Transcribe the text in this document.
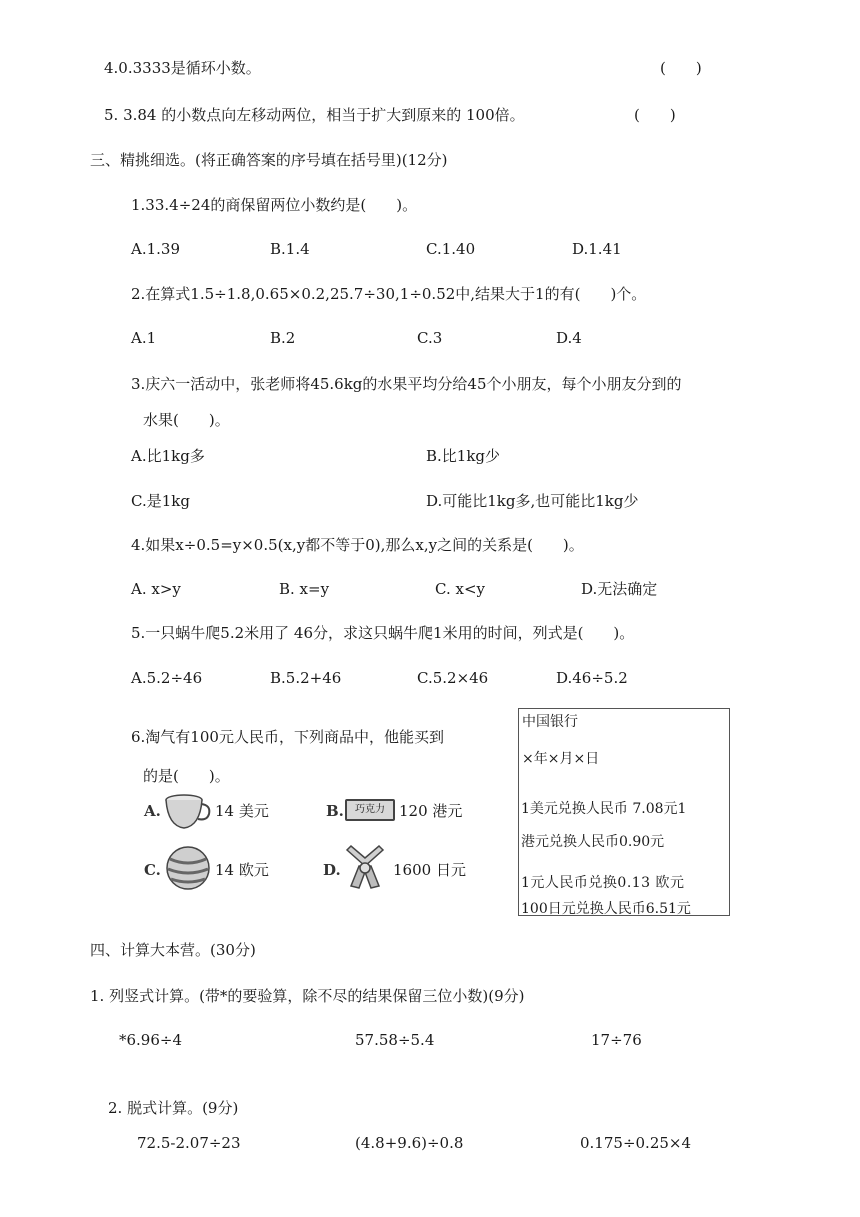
4.0.3333是循环小数。	(　　)
5. 3.84 的小数点向左移动两位，相当于扩大到原来的 100倍。	(　　)
三、精挑细选。(将正确答案的序号填在括号里)(12分)
1.33.4÷24的商保留两位小数约是(　　)。
A.1.39	B.1.4	C.1.40	D.1.41
2.在算式1.5÷1.8,0.65×0.2,25.7÷30,1÷0.52中,结果大于1的有(　　)个。
A.1	B.2	C.3	D.4
3.庆六一活动中，张老师将45.6kg的水果平均分给45个小朋友，每个小朋友分到的
水果(　　)。
A.比1kg多	B.比1kg少
C.是1kg	D.可能比1kg多,也可能比1kg少
4.如果x÷0.5=y×0.5(x,y都不等于0),那么x,y之间的关系是(　　)。
A. x>y	B. x=y	C. x<y	D.无法确定
5.一只蜗牛爬5.2米用了 46分，求这只蜗牛爬1米用的时间，列式是(　　)。
A.5.2÷46	B.5.2+46	C.5.2×46	D.46÷5.2
6.淘气有100元人民币，下列商品中，他能买到
的是(　　)。
A.	14 美元	B.	巧克力 120 港元
C.	14 欧元	D.	1600 日元
中国银行
×年×月×日
1美元兑换人民币 7.08元1
港元兑换人民币0.90元
1元人民币兑换0.13 欧元
100日元兑换人民币6.51元
四、计算大本营。(30分)
1. 列竖式计算。(带*的要验算，除不尽的结果保留三位小数)(9分)
*6.96÷4	57.58÷5.4	17÷76
2. 脱式计算。(9分)
72.5-2.07÷23	(4.8+9.6)÷0.8	0.175÷0.25×4
